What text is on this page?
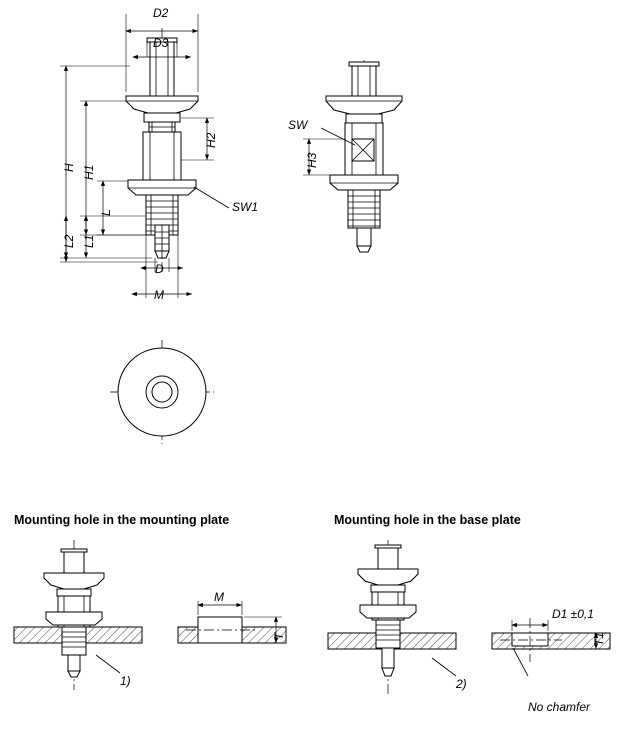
D2
D3
H H1
L
L1
L2
H2
D
M
SW1
SW
H3
Mounting hole in the mounting plate	Mounting hole in the base plate
1)	2)
M
T
D1 ±0,1
T1
No chamfer
